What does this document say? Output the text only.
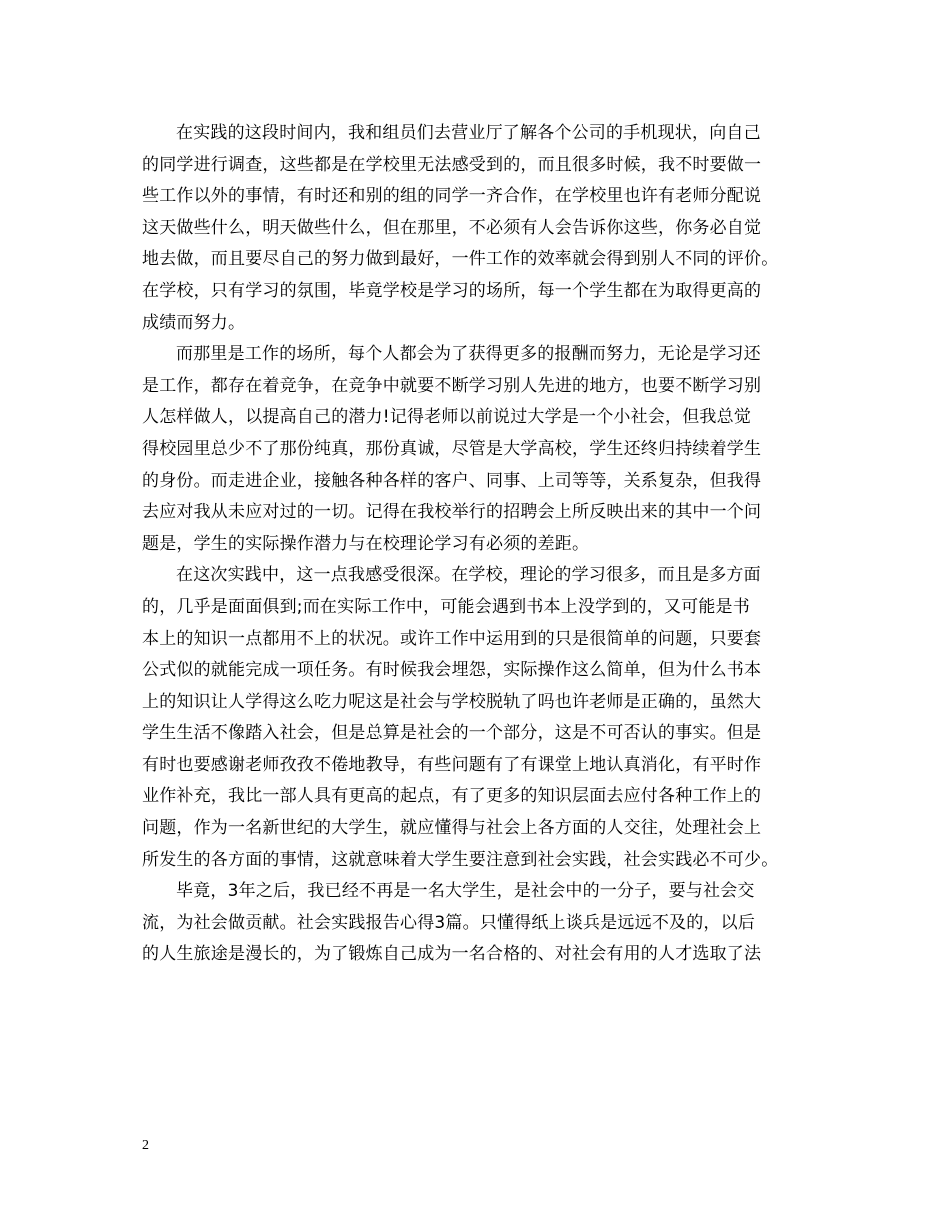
在实践的这段时间内，我和组员们去营业厅了解各个公司的手机现状，向自己
的同学进行调查，这些都是在学校里无法感受到的，而且很多时候，我不时要做一
些工作以外的事情，有时还和别的组的同学一齐合作，在学校里也许有老师分配说
这天做些什么，明天做些什么，但在那里，不必须有人会告诉你这些，你务必自觉
地去做，而且要尽自己的努力做到最好，一件工作的效率就会得到别人不同的评价。
在学校，只有学习的氛围，毕竟学校是学习的场所，每一个学生都在为取得更高的
成绩而努力。
而那里是工作的场所，每个人都会为了获得更多的报酬而努力，无论是学习还
是工作，都存在着竞争，在竞争中就要不断学习别人先进的地方，也要不断学习别
人怎样做人，以提高自己的潜力!记得老师以前说过大学是一个小社会，但我总觉
得校园里总少不了那份纯真，那份真诚，尽管是大学高校，学生还终归持续着学生
的身份。而走进企业，接触各种各样的客户、同事、上司等等，关系复杂，但我得
去应对我从未应对过的一切。记得在我校举行的招聘会上所反映出来的其中一个问
题是，学生的实际操作潜力与在校理论学习有必须的差距。
在这次实践中，这一点我感受很深。在学校，理论的学习很多，而且是多方面
的，几乎是面面俱到;而在实际工作中，可能会遇到书本上没学到的，又可能是书
本上的知识一点都用不上的状况。或许工作中运用到的只是很简单的问题，只要套
公式似的就能完成一项任务。有时候我会埋怨，实际操作这么简单，但为什么书本
上的知识让人学得这么吃力呢这是社会与学校脱轨了吗也许老师是正确的，虽然大
学生生活不像踏入社会，但是总算是社会的一个部分，这是不可否认的事实。但是
有时也要感谢老师孜孜不倦地教导，有些问题有了有课堂上地认真消化，有平时作
业作补充，我比一部人具有更高的起点，有了更多的知识层面去应付各种工作上的
问题，作为一名新世纪的大学生，就应懂得与社会上各方面的人交往，处理社会上
所发生的各方面的事情，这就意味着大学生要注意到社会实践，社会实践必不可少。
毕竟，3年之后，我已经不再是一名大学生，是社会中的一分子，要与社会交
流，为社会做贡献。社会实践报告心得3篇。只懂得纸上谈兵是远远不及的，以后
的人生旅途是漫长的，为了锻炼自己成为一名合格的、对社会有用的人才选取了法
2
